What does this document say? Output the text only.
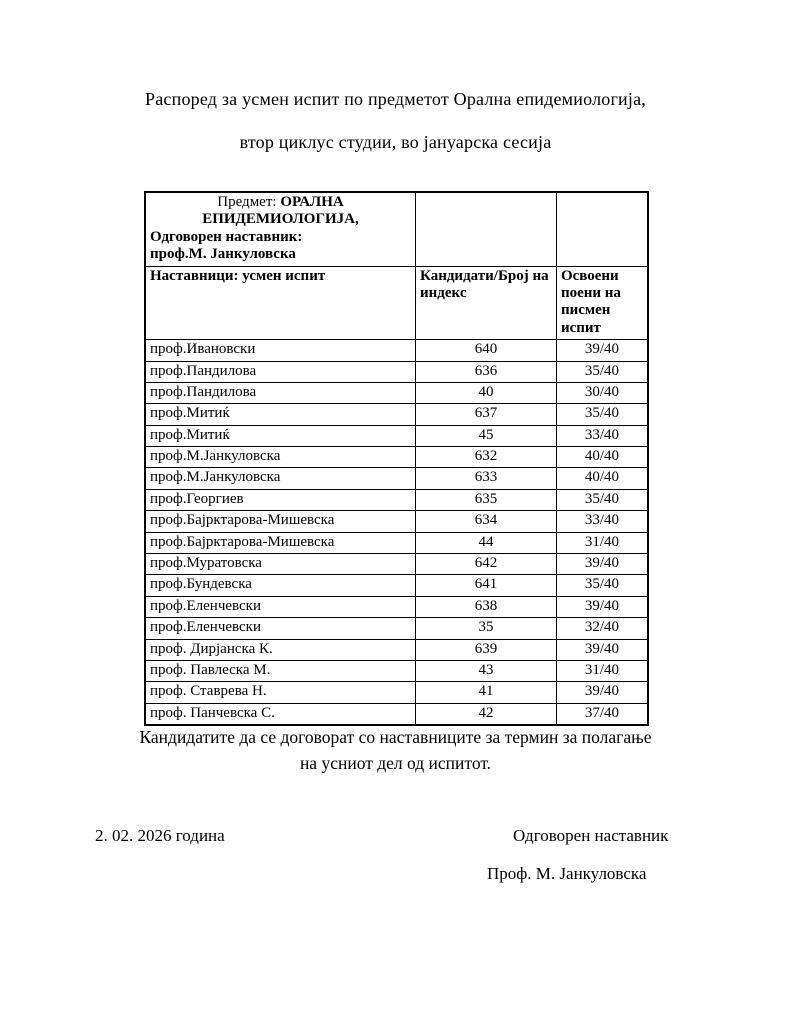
Распоред за усмен испит по предметот Орална епидемиологија,
втор циклус студии, во јануарска сесија
Предмет: ОРАЛНА ЕПИДЕМИОЛОГИЈА,
Одговорен наставник:
проф.М. Јанкуловска		

Наставници: усмен испит	Кандидати/Број на индекс	Освоени поени на писмен испит
проф.Ивановски	640	39/40
проф.Пандилова	636	35/40
проф.Пандилова	40	30/40
проф.Митиќ	637	35/40
проф.Митиќ	45	33/40
проф.М.Јанкуловска	632	40/40
проф.М.Јанкуловска	633	40/40
проф.Георгиев	635	35/40
проф.Бајрктарова-Мишевска	634	33/40
проф.Бајрктарова-Мишевска	44	31/40
проф.Муратовска	642	39/40
проф.Бундевска	641	35/40
проф.Еленчевски	638	39/40
проф.Еленчевски	35	32/40
проф. Дирјанска К.	639	39/40
проф. Павлеска М.	43	31/40
проф. Ставрева Н.	41	39/40
проф. Панчевска С.	42	37/40
Кандидатите да се договорат со наставниците за термин за полагање
на усниот дел од испитот.
2. 02. 2026 година	Одговорен наставник
Проф. М. Јанкуловска
